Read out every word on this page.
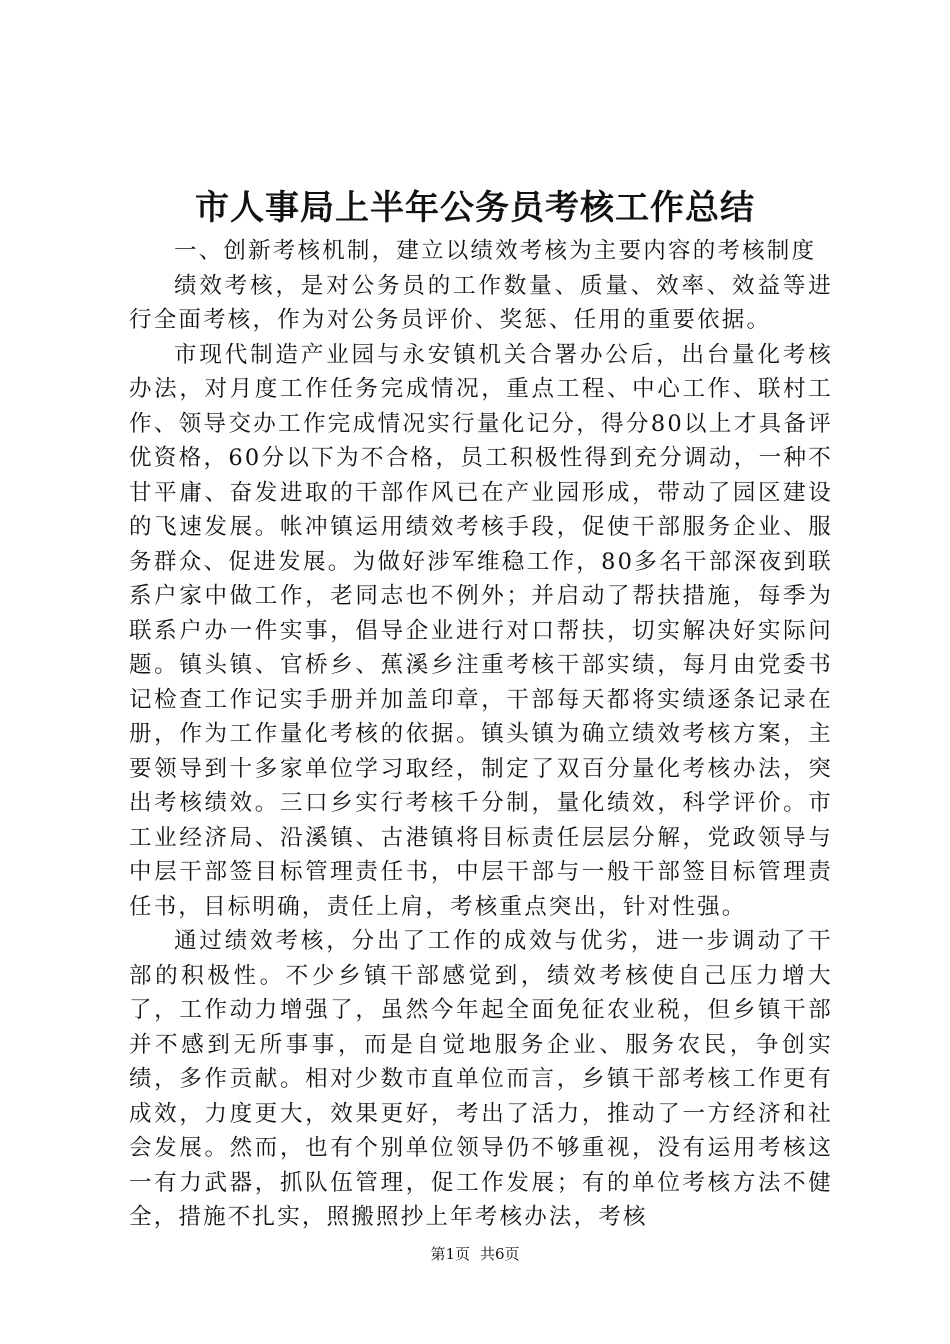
市人事局上半年公务员考核工作总结

一、创新考核机制，建立以绩效考核为主要内容的考核制度

绩效考核，是对公务员的工作数量、质量、效率、效益等进行全面考核，作为对公务员评价、奖惩、任用的重要依据。

市现代制造产业园与永安镇机关合署办公后，出台量化考核办法，对月度工作任务完成情况，重点工程、中心工作、联村工作、领导交办工作完成情况实行量化记分，得分80以上才具备评优资格，60分以下为不合格，员工积极性得到充分调动，一种不甘平庸、奋发进取的干部作风已在产业园形成，带动了园区建设的飞速发展。帐冲镇运用绩效考核手段，促使干部服务企业、服务群众、促进发展。为做好涉军维稳工作，80多名干部深夜到联系户家中做工作，老同志也不例外；并启动了帮扶措施，每季为联系户办一件实事，倡导企业进行对口帮扶，切实解决好实际问题。镇头镇、官桥乡、蕉溪乡注重考核干部实绩，每月由党委书记检查工作记实手册并加盖印章，干部每天都将实绩逐条记录在册，作为工作量化考核的依据。镇头镇为确立绩效考核方案，主要领导到十多家单位学习取经，制定了双百分量化考核办法，突出考核绩效。三口乡实行考核千分制，量化绩效，科学评价。市工业经济局、沿溪镇、古港镇将目标责任层层分解，党政领导与中层干部签目标管理责任书，中层干部与一般干部签目标管理责任书，目标明确，责任上肩，考核重点突出，针对性强。

通过绩效考核，分出了工作的成效与优劣，进一步调动了干部的积极性。不少乡镇干部感觉到，绩效考核使自己压力增大了，工作动力增强了，虽然今年起全面免征农业税，但乡镇干部并不感到无所事事，而是自觉地服务企业、服务农民，争创实绩，多作贡献。相对少数市直单位而言，乡镇干部考核工作更有成效，力度更大，效果更好，考出了活力，推动了一方经济和社会发展。然而，也有个别单位领导仍不够重视，没有运用考核这一有力武器，抓队伍管理，促工作发展；有的单位考核方法不健全，措施不扎实，照搬照抄上年考核办法，考核

第1页 共6页
